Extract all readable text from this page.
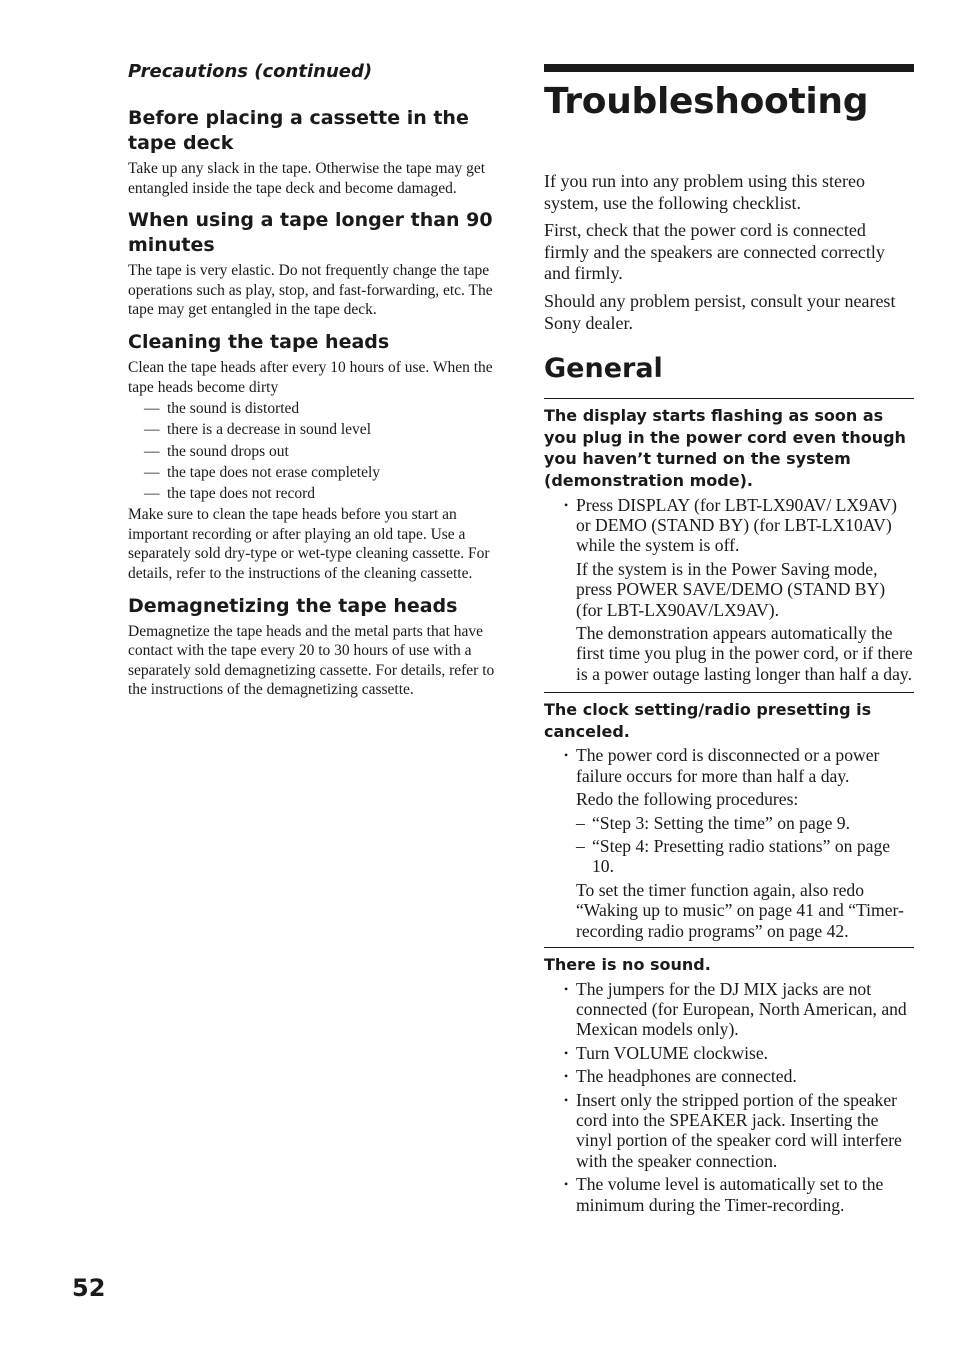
Precautions (continued)
Before placing a cassette in the tape deck

Take up any slack in the tape. Otherwise the tape may get entangled inside the tape deck and become damaged.

When using a tape longer than 90 minutes

The tape is very elastic. Do not frequently change the tape operations such as play, stop, and fast-forwarding, etc. The tape may get entangled in the tape deck.

Cleaning the tape heads

Clean the tape heads after every 10 hours of use. When the tape heads become dirty

— the sound is distorted
— there is a decrease in sound level
— the sound drops out
— the tape does not erase completely
— the tape does not record

Make sure to clean the tape heads before you start an important recording or after playing an old tape. Use a separately sold dry-type or wet-type cleaning cassette. For details, refer to the instructions of the cleaning cassette.

Demagnetizing the tape heads

Demagnetize the tape heads and the metal parts that have contact with the tape every 20 to 30 hours of use with a separately sold demagnetizing cassette. For details, refer to the instructions of the demagnetizing cassette.

52
Troubleshooting

If you run into any problem using this stereo system, use the following checklist.

First, check that the power cord is connected firmly and the speakers are connected correctly and firmly.

Should any problem persist, consult your nearest Sony dealer.

General
The display starts flashing as soon as you plug in the power cord even though you haven’t turned on the system (demonstration mode).
• Press DISPLAY (for LBT-LX90AV/ LX9AV) or DEMO (STAND BY) (for LBT-LX10AV) while the system is off.

If the system is in the Power Saving mode, press POWER SAVE/DEMO (STAND BY) (for LBT-LX90AV/LX9AV).

The demonstration appears automatically the first time you plug in the power cord, or if there is a power outage lasting longer than half a day.

The clock setting/radio presetting is canceled.
• The power cord is disconnected or a power failure occurs for more than half a day.

Redo the following procedures:

– “Step 3: Setting the time” on page 9.
– “Step 4: Presetting radio stations” on page 10.

To set the timer function again, also redo “Waking up to music” on page 41 and “Timer-recording radio programs” on page 42.

There is no sound.
• The jumpers for the DJ MIX jacks are not connected (for European, North American, and Mexican models only).
• Turn VOLUME clockwise.
• The headphones are connected.
• Insert only the stripped portion of the speaker cord into the SPEAKER jack. Inserting the vinyl portion of the speaker cord will interfere with the speaker connection.
• The volume level is automatically set to the minimum during the Timer-recording.
